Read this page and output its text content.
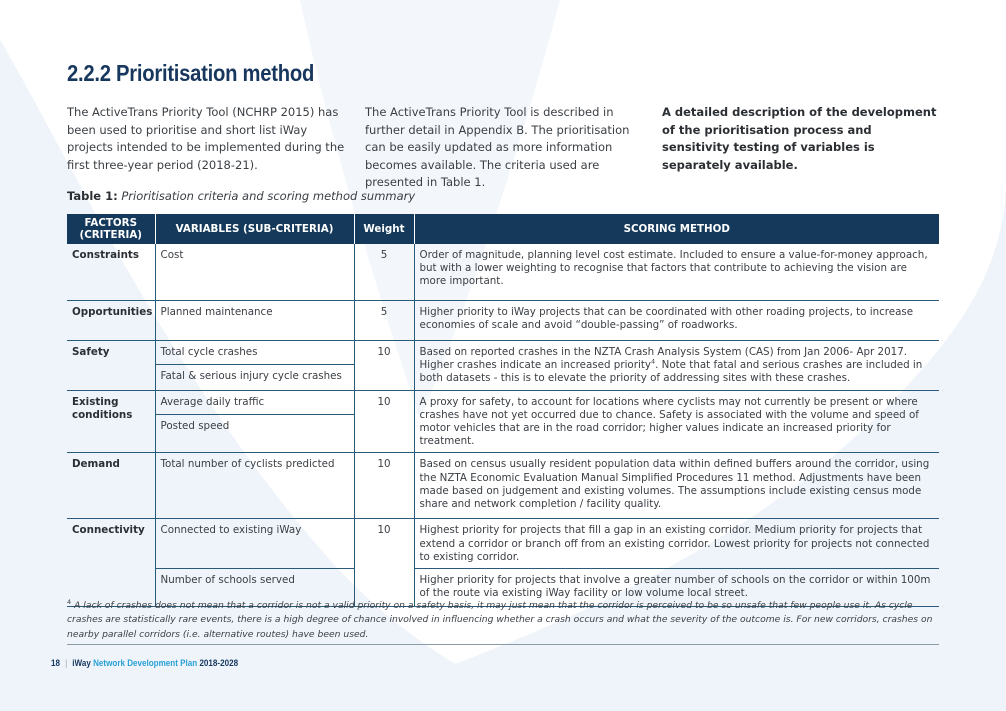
2.2.2 Prioritisation method

The ActiveTrans Priority Tool (NCHRP 2015) has been used to prioritise and short list iWay projects intended to be implemented during the first three-year period (2018-21).

The ActiveTrans Priority Tool is described in further detail in Appendix B. The prioritisation can be easily updated as more information becomes available. The criteria used are presented in Table 1.

A detailed description of the development of the prioritisation process and sensitivity testing of variables is separately available.

Table 1: Prioritisation criteria and scoring method summary

FACTORS (CRITERIA)	VARIABLES (SUB-CRITERIA)	Weight	SCORING METHOD
Constraints	Cost	5	Order of magnitude, planning level cost estimate. Included to ensure a value-for-money approach, but with a lower weighting to recognise that factors that contribute to achieving the vision are more important.
Opportunities	Planned maintenance	5	Higher priority to iWay projects that can be coordinated with other roading projects, to increase economies of scale and avoid “double-passing” of roadworks.
Safety	Total cycle crashes	10	Based on reported crashes in the NZTA Crash Analysis System (CAS) from Jan 2006- Apr 2017. Higher crashes indicate an increased priority$^4$. Note that fatal and serious crashes are included in both datasets - this is to elevate the priority of addressing sites with these crashes.
	Fatal & serious injury cycle crashes		
Existing conditions	Average daily traffic	10	A proxy for safety, to account for locations where cyclists may not currently be present or where crashes have not yet occurred due to chance. Safety is associated with the volume and speed of motor vehicles that are in the road corridor; higher values indicate an increased priority for treatment.
	Posted speed		
Demand	Total number of cyclists predicted	10	Based on census usually resident population data within defined buffers around the corridor, using the NZTA Economic Evaluation Manual Simplified Procedures 11 method. Adjustments have been made based on judgement and existing volumes. The assumptions include existing census mode share and network completion / facility quality.
Connectivity	Connected to existing iWay	10	Highest priority for projects that fill a gap in an existing corridor. Medium priority for projects that extend a corridor or branch off from an existing corridor. Lowest priority for projects not connected to existing corridor.
	Number of schools served		Higher priority for projects that involve a greater number of schools on the corridor or within 100m of the route via existing iWay facility or low volume local street.

$^4$ A lack of crashes does not mean that a corridor is not a valid priority on a safety basis, it may just mean that the corridor is perceived to be so unsafe that few people use it. As cycle crashes are statistically rare events, there is a high degree of chance involved in influencing whether a crash occurs and what the severity of the outcome is. For new corridors, crashes on nearby parallel corridors (i.e. alternative routes) have been used.

18 | iWay Network Development Plan 2018-2028
